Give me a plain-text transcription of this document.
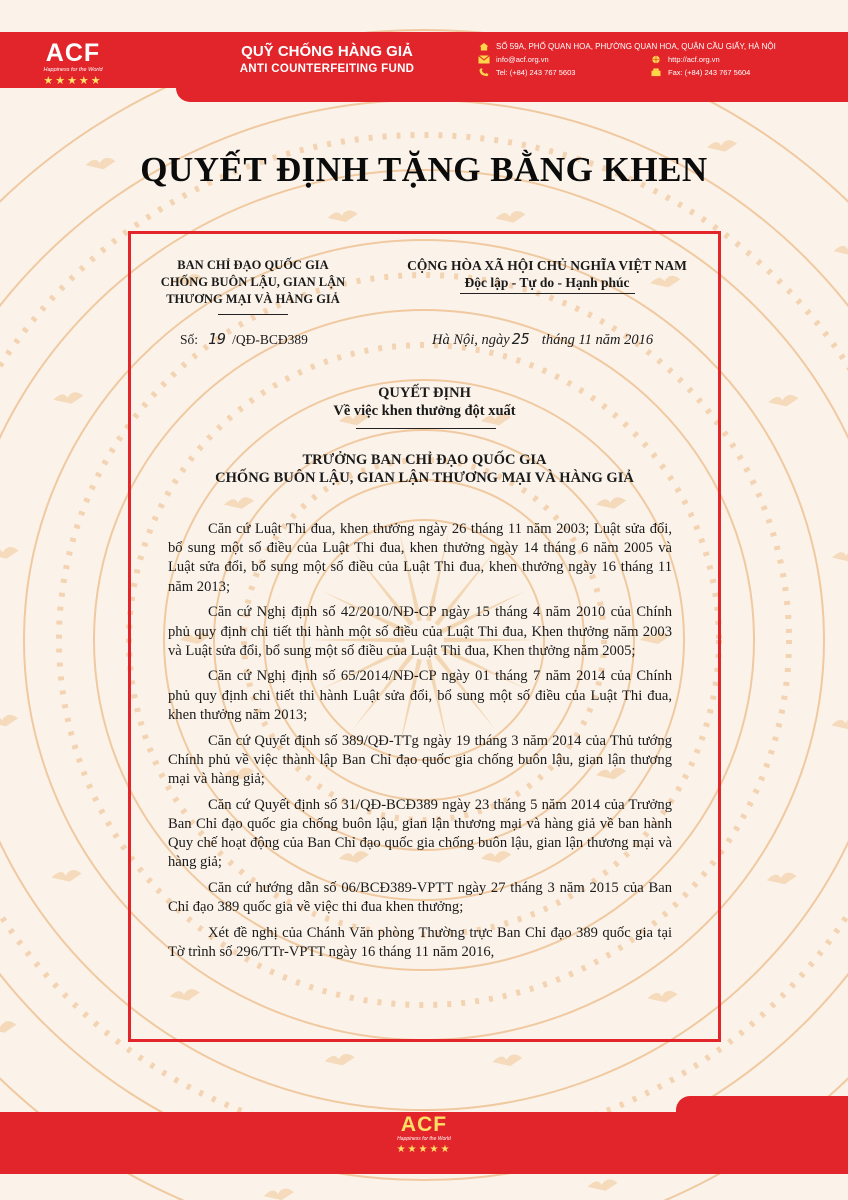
ACF
Happiness for the World
★★★★★
QUỸ CHỐNG HÀNG GIẢ
ANTI COUNTERFEITING FUND
SỐ 59A, PHỐ QUAN HOA, PHƯỜNG QUAN HOA, QUẬN CẦU GIẤY, HÀ NỘI
info@acf.org.vn	http://acf.org.vn
Tel: (+84) 243 767 5603	Fax: (+84) 243 767 5604
QUYẾT ĐỊNH TẶNG BẰNG KHEN
BAN CHỈ ĐẠO QUỐC GIA
CHỐNG BUÔN LẬU, GIAN LẬN
THƯƠNG MẠI VÀ HÀNG GIẢ
CỘNG HÒA XÃ HỘI CHỦ NGHĨA VIỆT NAM
Độc lập - Tự do - Hạnh phúc
Số: 19 /QĐ-BCĐ389	Hà Nội, ngày 25 tháng 11 năm 2016
QUYẾT ĐỊNH
Về việc khen thưởng đột xuất
TRƯỞNG BAN CHỈ ĐẠO QUỐC GIA
CHỐNG BUÔN LẬU, GIAN LẬN THƯƠNG MẠI VÀ HÀNG GIẢ

Căn cứ Luật Thi đua, khen thưởng ngày 26 tháng 11 năm 2003; Luật sửa đổi, bổ sung một số điều của Luật Thi đua, khen thưởng ngày 14 tháng 6 năm 2005 và Luật sửa đổi, bổ sung một số điều của Luật Thi đua, khen thưởng ngày 16 tháng 11 năm 2013;

Căn cứ Nghị định số 42/2010/NĐ-CP ngày 15 tháng 4 năm 2010 của Chính phủ quy định chi tiết thi hành một số điều của Luật Thi đua, Khen thưởng năm 2003 và Luật sửa đổi, bổ sung một số điều của Luật Thi đua, Khen thưởng năm 2005;

Căn cứ Nghị định số 65/2014/NĐ-CP ngày 01 tháng 7 năm 2014 của Chính phủ quy định chi tiết thi hành Luật sửa đổi, bổ sung một số điều của Luật Thi đua, khen thưởng năm 2013;

Căn cứ Quyết định số 389/QĐ-TTg ngày 19 tháng 3 năm 2014 của Thủ tướng Chính phủ về việc thành lập Ban Chỉ đạo quốc gia chống buôn lậu, gian lận thương mại và hàng giả;

Căn cứ Quyết định số 31/QĐ-BCĐ389 ngày 23 tháng 5 năm 2014 của Trưởng Ban Chỉ đạo quốc gia chống buôn lậu, gian lận thương mại và hàng giả về ban hành Quy chế hoạt động của Ban Chỉ đạo quốc gia chống buôn lậu, gian lận thương mại và hàng giả;

Căn cứ hướng dẫn số 06/BCĐ389-VPTT ngày 27 tháng 3 năm 2015 của Ban Chỉ đạo 389 quốc gia về việc thi đua khen thưởng;

Xét đề nghị của Chánh Văn phòng Thường trực Ban Chỉ đạo 389 quốc gia tại Tờ trình số 296/TTr-VPTT ngày 16 tháng 11 năm 2016,

ACF
Happiness for the World
★★★★★
